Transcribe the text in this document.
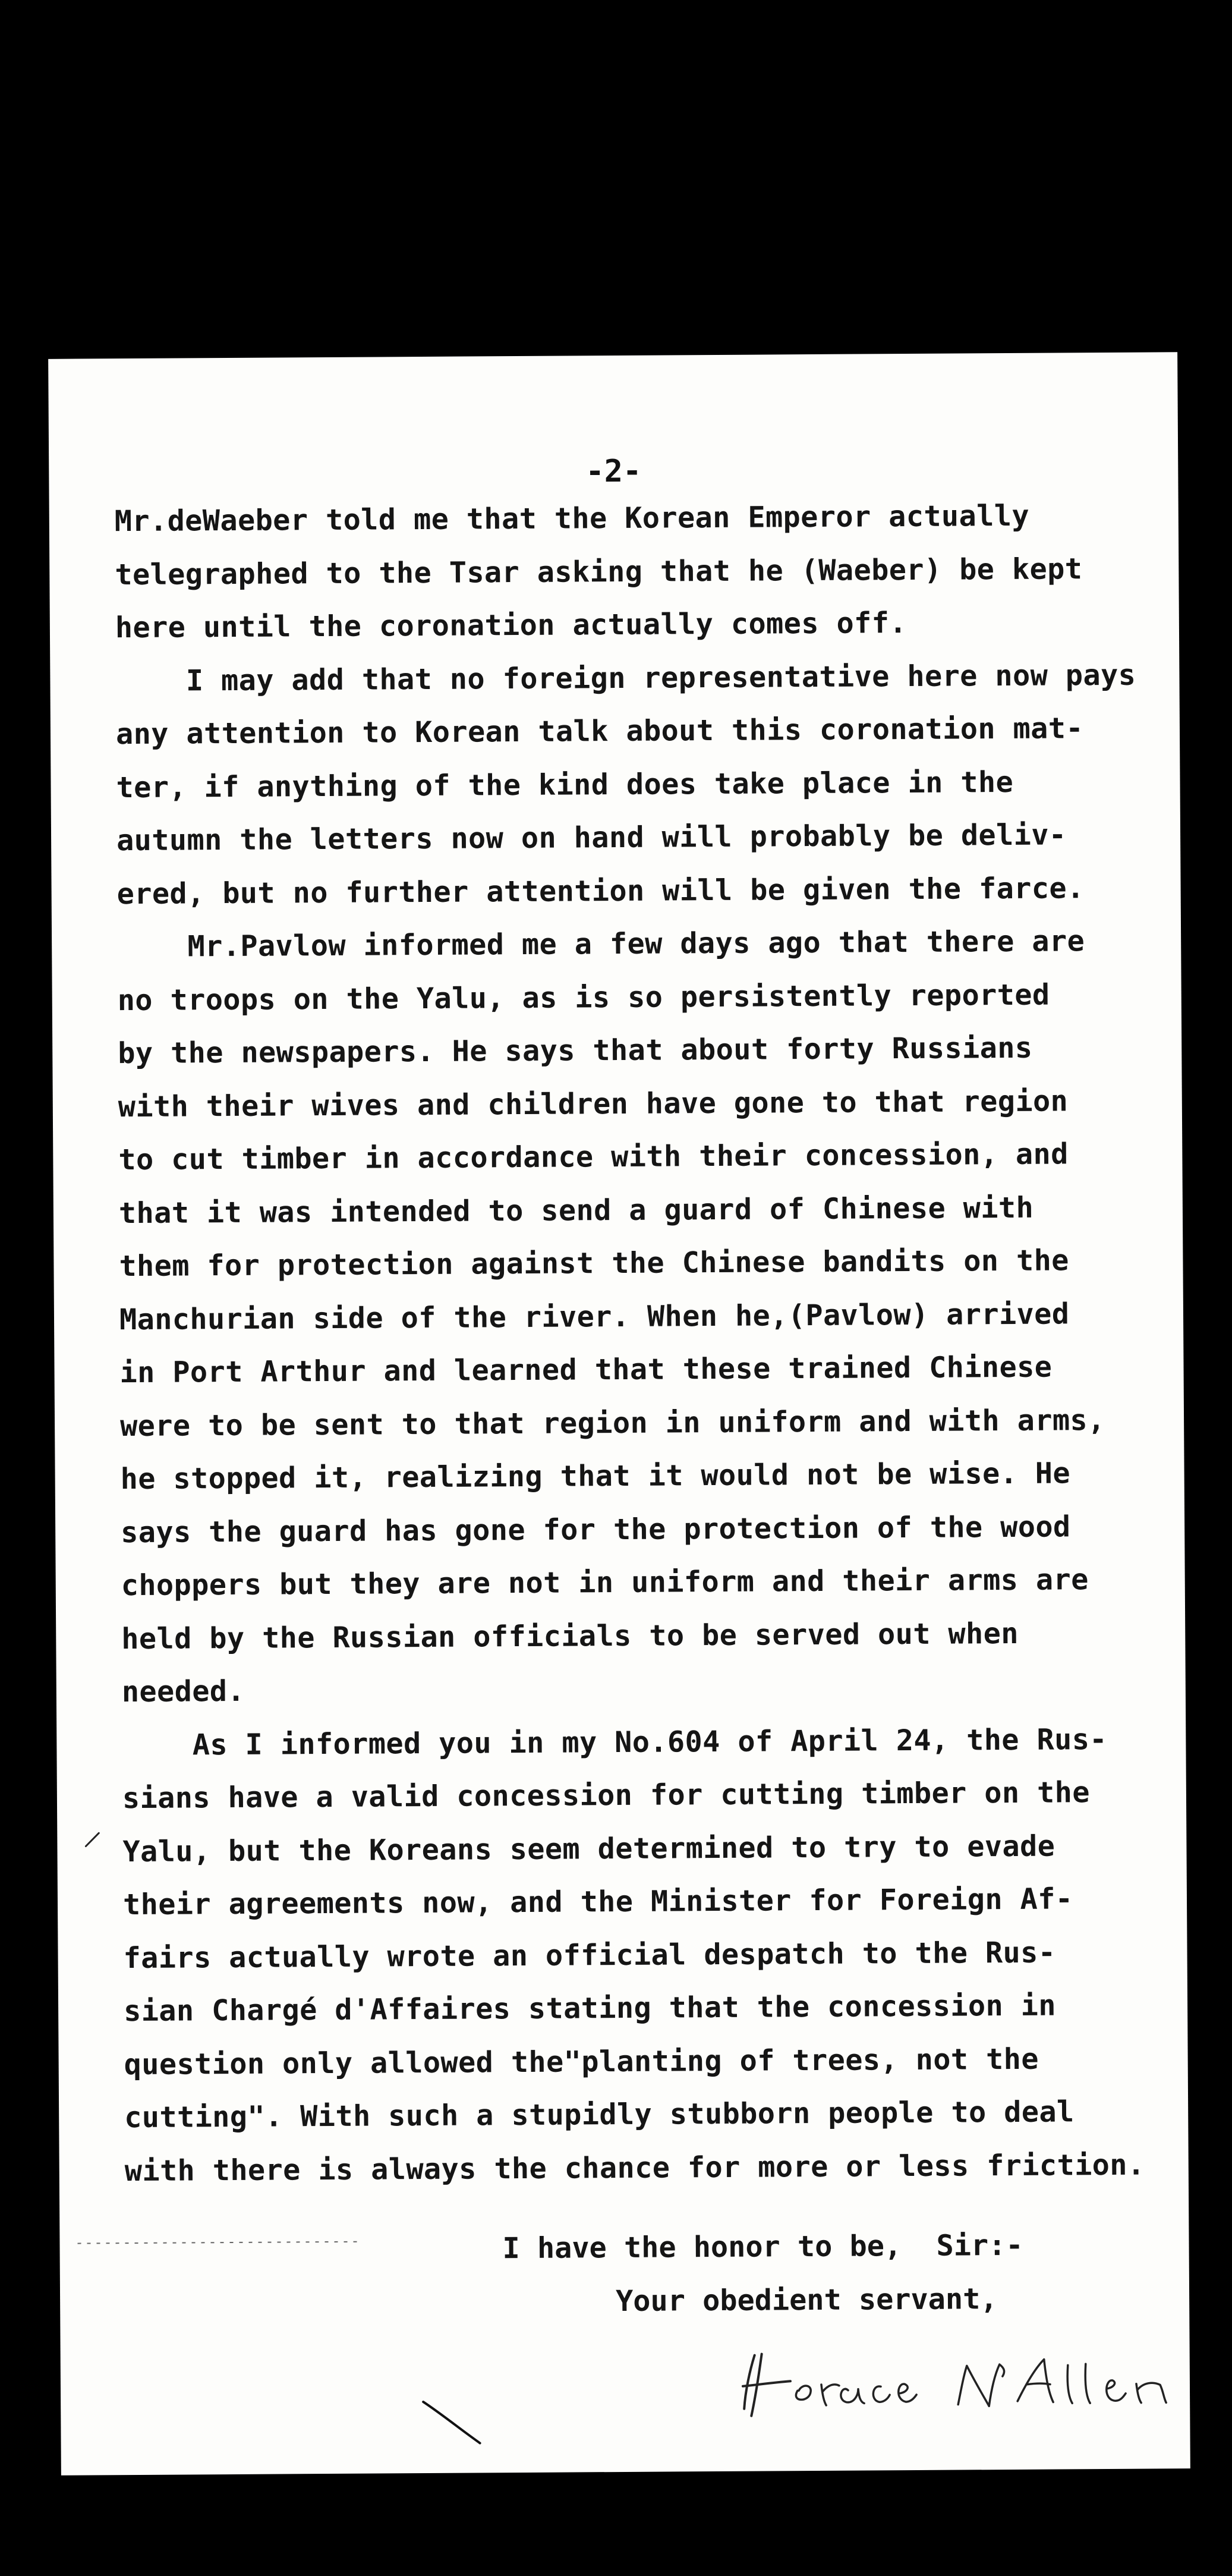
-2-
Mr.deWaeber told me that the Korean Emperor actually
telegraphed to the Tsar asking that he (Waeber) be kept
here until the coronation actually comes off.
I may add that no foreign representative here now pays
any attention to Korean talk about this coronation mat-
ter, if anything of the kind does take place in the
autumn the letters now on hand will probably be deliv-
ered, but no further attention will be given the farce.
Mr.Pavlow informed me a few days ago that there are
no troops on the Yalu, as is so persistently reported
by the newspapers. He says that about forty Russians
with their wives and children have gone to that region
to cut timber in accordance with their concession, and
that it was intended to send a guard of Chinese with
them for protection against the Chinese bandits on the
Manchurian side of the river. When he,(Pavlow) arrived
in Port Arthur and learned that these trained Chinese
were to be sent to that region in uniform and with arms,
he stopped it, realizing that it would not be wise. He
says the guard has gone for the protection of the wood
choppers but they are not in uniform and their arms are
held by the Russian officials to be served out when
needed.
As I informed you in my No.604 of April 24, the Rus-
sians have a valid concession for cutting timber on the
Yalu, but the Koreans seem determined to try to evade
their agreements now, and the Minister for Foreign Af-
fairs actually wrote an official despatch to the Rus-
sian Chargé d'Affaires stating that the concession in
question only allowed the"planting of trees, not the
cutting". With such a stupidly stubborn people to deal
with there is always the chance for more or less friction.
I have the honor to be,  Sir:-
Your obedient servant,
